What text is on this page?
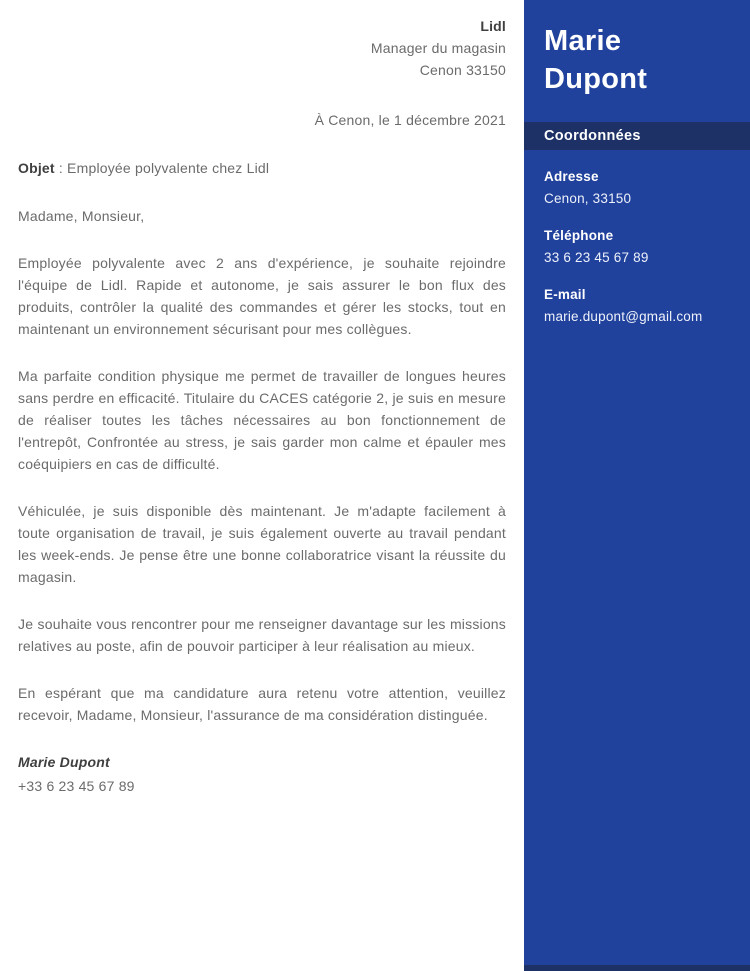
Lidl
Manager du magasin
Cenon 33150
À Cenon, le 1 décembre 2021
Objet : Employée polyvalente chez Lidl
Madame, Monsieur,

Employée polyvalente avec 2 ans d'expérience, je souhaite rejoindre l'équipe de Lidl. Rapide et autonome, je sais assurer le bon flux des produits, contrôler la qualité des commandes et gérer les stocks, tout en maintenant un environnement sécurisant pour mes collègues.

Ma parfaite condition physique me permet de travailler de longues heures sans perdre en efficacité. Titulaire du CACES catégorie 2, je suis en mesure de réaliser toutes les tâches nécessaires au bon fonctionnement de l'entrepôt, Confrontée au stress, je sais garder mon calme et épauler mes coéquipiers en cas de difficulté.

Véhiculée, je suis disponible dès maintenant. Je m'adapte facilement à toute organisation de travail, je suis également ouverte au travail pendant les week-ends. Je pense être une bonne collaboratrice visant la réussite du magasin.

Je souhaite vous rencontrer pour me renseigner davantage sur les missions relatives au poste, afin de pouvoir participer à leur réalisation au mieux.

En espérant que ma candidature aura retenu votre attention, veuillez recevoir, Madame, Monsieur, l'assurance de ma considération distinguée.

Marie Dupont
+33 6 23 45 67 89
Marie
Dupont
Coordonnées
Adresse
Cenon, 33150
Téléphone
33 6 23 45 67 89
E-mail
marie.dupont@gmail.com
